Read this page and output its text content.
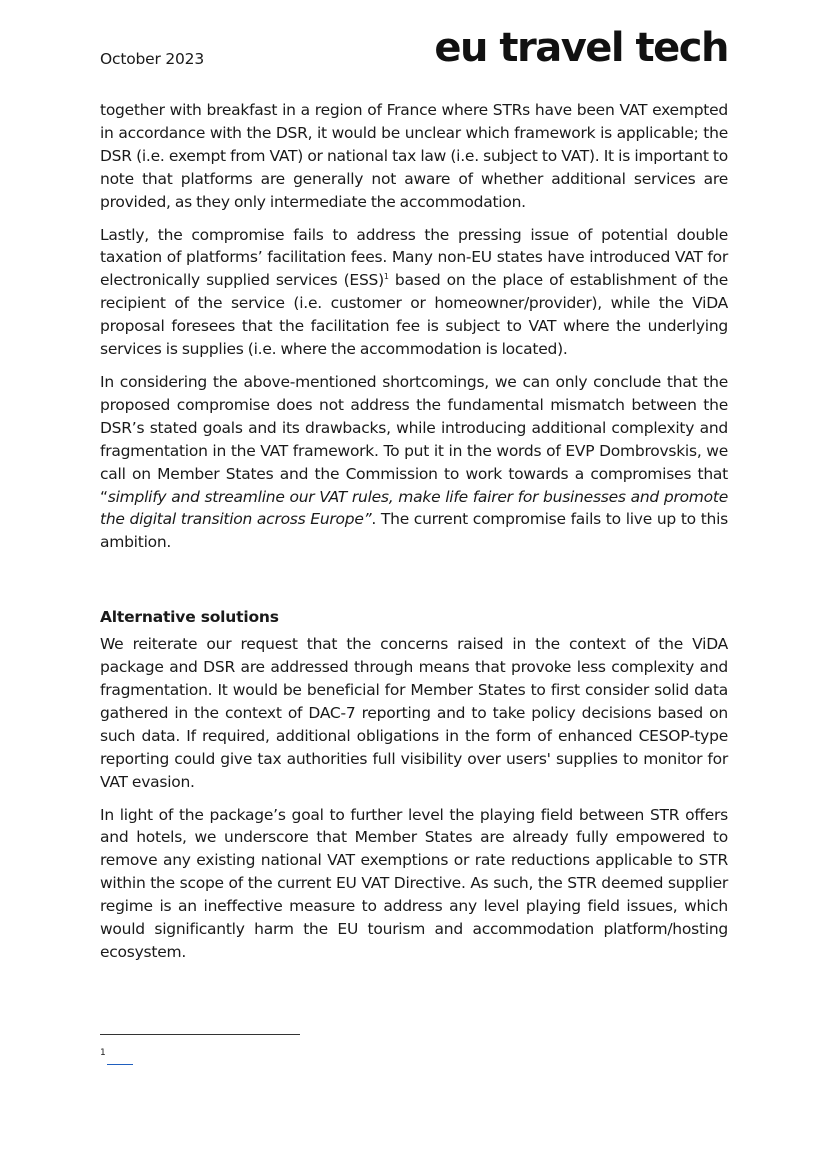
October 2023	eu travel tech

together with breakfast in a region of France where STRs have been VAT exempted in accordance with the DSR, it would be unclear which framework is applicable; the DSR (i.e. exempt from VAT) or national tax law (i.e. subject to VAT). It is important to note that platforms are generally not aware of whether additional services are provided, as they only intermediate the accommodation.

Lastly, the compromise fails to address the pressing issue of potential double taxation of platforms’ facilitation fees. Many non-EU states have introduced VAT for electronically supplied services (ESS)$^1$ based on the place of establishment of the recipient of the service (i.e. customer or homeowner/provider), while the ViDA proposal foresees that the facilitation fee is subject to VAT where the underlying services is supplies (i.e. where the accommodation is located).

In considering the above-mentioned shortcomings, we can only conclude that the proposed compromise does not address the fundamental mismatch between the DSR’s stated goals and its drawbacks, while introducing additional complexity and fragmentation in the VAT framework. To put it in the words of EVP Dombrovskis, we call on Member States and the Commission to work towards a compromises that “simplify and streamline our VAT rules, make life fairer for businesses and promote the digital transition across Europe”. The current compromise fails to live up to this ambition.

Alternative solutions

We reiterate our request that the concerns raised in the context of the ViDA package and DSR are addressed through means that provoke less complexity and fragmentation. It would be beneficial for Member States to first consider solid data gathered in the context of DAC-7 reporting and to take policy decisions based on such data. If required, additional obligations in the form of enhanced CESOP-type reporting could give tax authorities full visibility over users' supplies to monitor for VAT evasion.

In light of the package’s goal to further level the playing field between STR offers and hotels, we underscore that Member States are already fully empowered to remove any existing national VAT exemptions or rate reductions applicable to STR within the scope of the current EU VAT Directive. As such, the STR deemed supplier regime is an ineffective measure to address any level playing field issues, which would significantly harm the EU tourism and accommodation platform/hosting ecosystem.

1
